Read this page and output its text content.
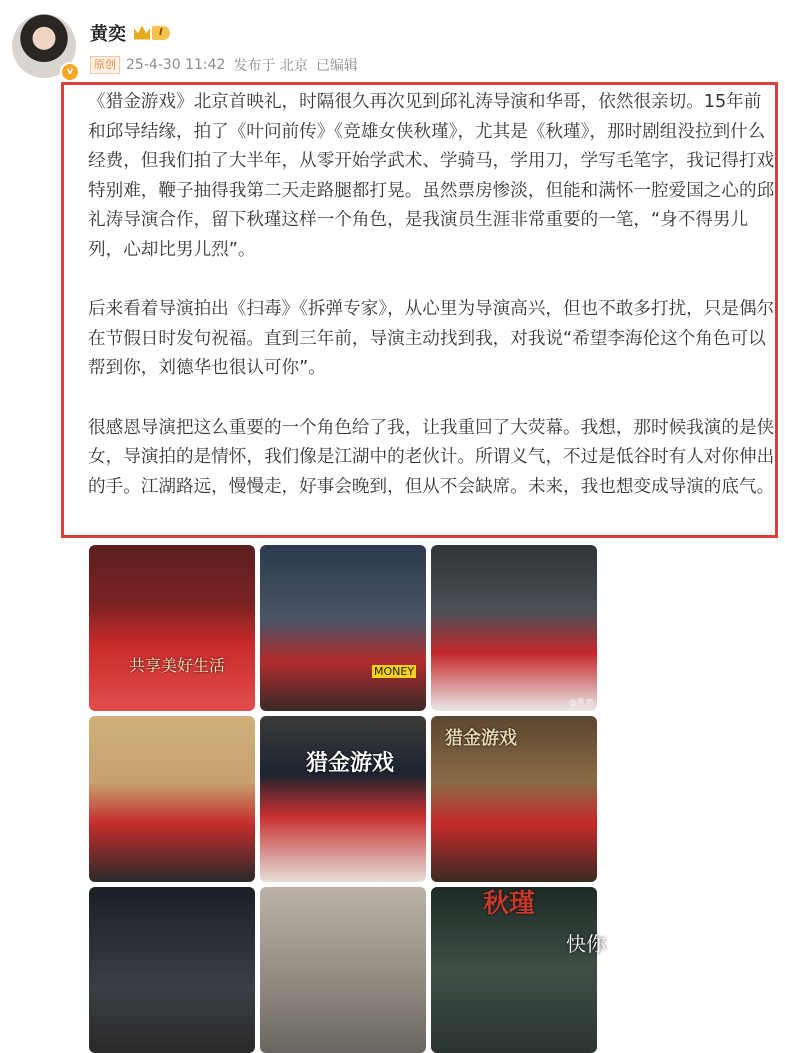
v
黄奕	I
原创 25-4-30 11:42 发布于 北京 已编辑

《猎金游戏》北京首映礼，时隔很久再次见到邱礼涛导演和华哥，依然很亲切。15年前和邱导结缘，拍了《叶问前传》《竞雄女侠秋瑾》，尤其是《秋瑾》，那时剧组没拉到什么经费，但我们拍了大半年，从零开始学武术、学骑马，学用刀，学写毛笔字，我记得打戏特别难，鞭子抽得我第二天走路腿都打晃。虽然票房惨淡，但能和满怀一腔爱国之心的邱礼涛导演合作，留下秋瑾这样一个角色，是我演员生涯非常重要的一笔，“身不得男儿列，心却比男儿烈”。

后来看着导演拍出《扫毒》《拆弹专家》，从心里为导演高兴，但也不敢多打扰，只是偶尔在节假日时发句祝福。直到三年前，导演主动找到我，对我说“希望李海伦这个角色可以帮到你，刘德华也很认可你”。

很感恩导演把这么重要的一个角色给了我，让我重回了大荧幕。我想，那时候我演的是侠女，导演拍的是情怀，我们像是江湖中的老伙计。所谓义气，不过是低谷时有人对你伸出的手。江湖路远，慢慢走，好事会晚到，但从不会缺席。未来，我也想变成导演的底气。

共享美好生活	MONEY
@黄奕
猎金游戏
猎金游戏
秋瑾
快你
